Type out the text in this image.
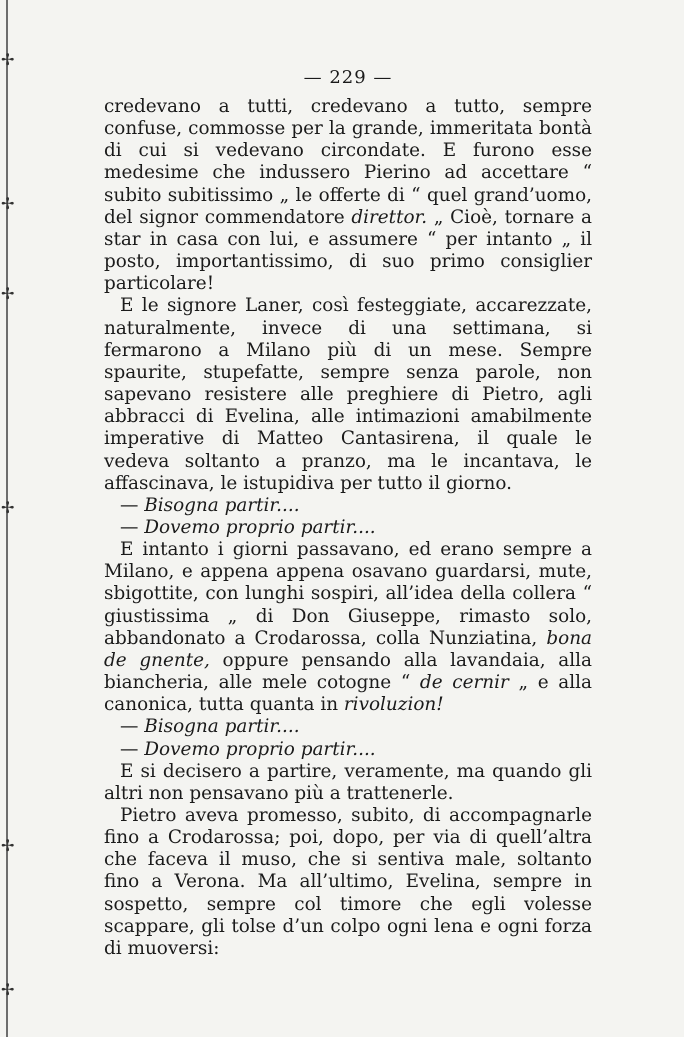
✢
✢
✢
✢
✢
✢
— 229 —

credevano a tutti, credevano a tutto, sempre confuse, commosse per la grande, immeritata bontà di cui si vedevano circondate. E furono esse medesime che indussero Pierino ad accettare “ subito subitissimo „ le offerte di “ quel grand’uomo, del signor commendatore direttor. „ Cioè, tornare a star in casa con lui, e assumere “ per intanto „ il posto, importantissimo, di suo primo consiglier particolare!

E le signore Laner, così festeggiate, accarezzate, naturalmente, invece di una settimana, si fermarono a Milano più di un mese. Sempre spaurite, stupefatte, sempre senza parole, non sapevano resistere alle preghiere di Pietro, agli abbracci di Evelina, alle intimazioni amabilmente imperative di Matteo Cantasirena, il quale le vedeva soltanto a pranzo, ma le incantava, le affascinava, le istupidiva per tutto il giorno.

— Bisogna partir....

— Dovemo proprio partir....

E intanto i giorni passavano, ed erano sempre a Milano, e appena appena osavano guardarsi, mute, sbigottite, con lunghi sospiri, all’idea della collera “ giustissima „ di Don Giuseppe, rimasto solo, abbandonato a Crodarossa, colla Nunziatina, bona de gnente, oppure pensando alla lavandaia, alla biancheria, alle mele cotogne “ de cernir „ e alla canonica, tutta quanta in rivoluzion!

— Bisogna partir....

— Dovemo proprio partir....

E si decisero a partire, veramente, ma quando gli altri non pensavano più a trattenerle.

Pietro aveva promesso, subito, di accompagnarle fino a Crodarossa; poi, dopo, per via di quell’altra che faceva il muso, che si sentiva male, soltanto fino a Verona. Ma all’ultimo, Evelina, sempre in sospetto, sempre col timore che egli volesse scappare, gli tolse d’un colpo ogni lena e ogni forza di muoversi:
